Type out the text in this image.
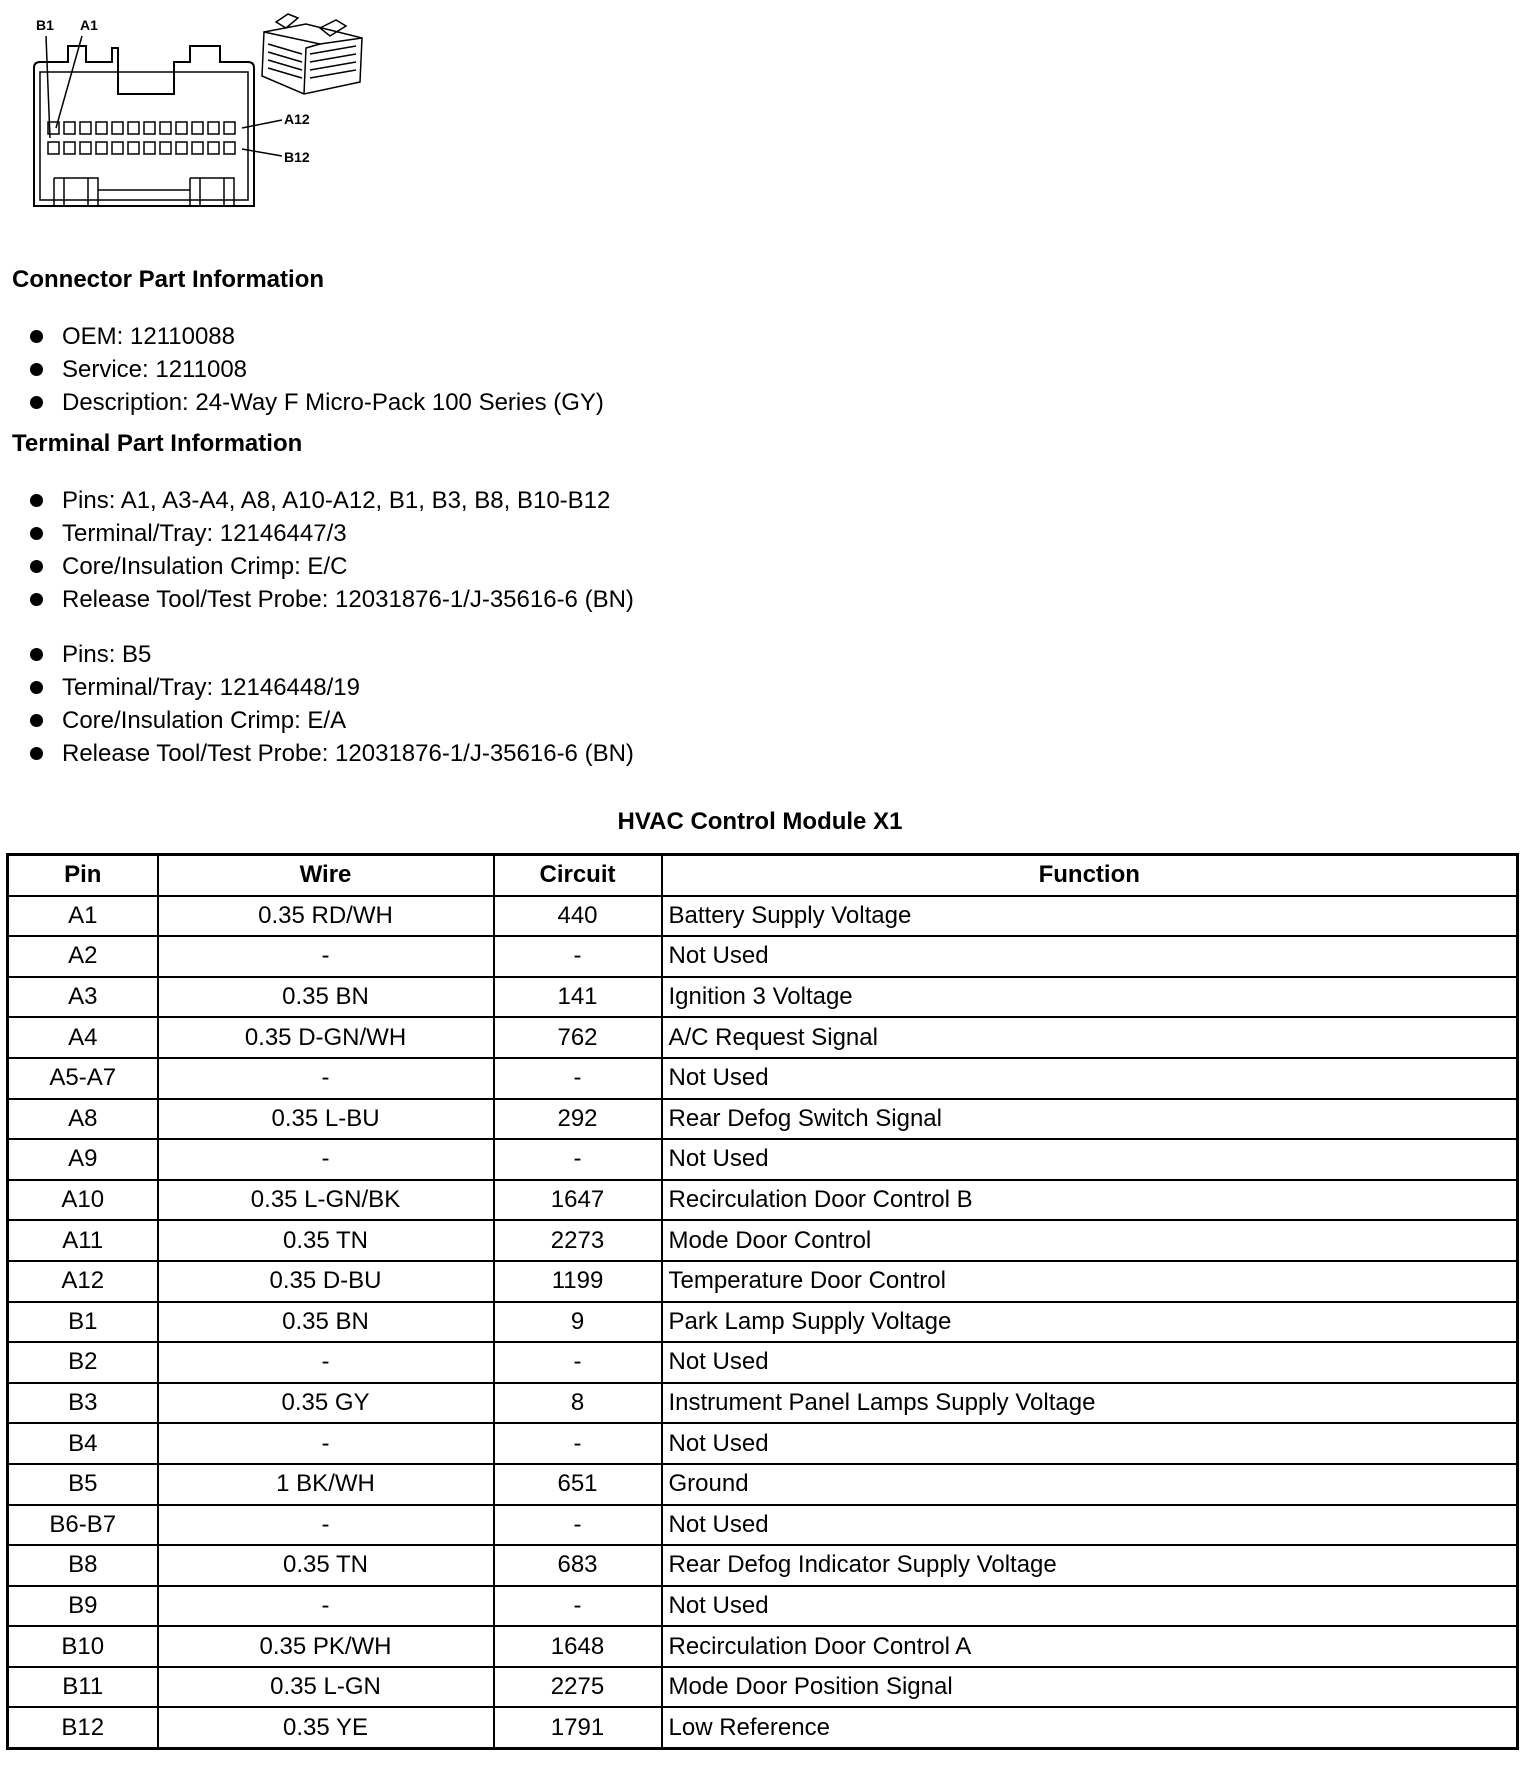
B1 A1
A12
B12
Connector Part Information
OEM: 12110088
Service: 1211008
Description: 24-Way F Micro-Pack 100 Series (GY)
Terminal Part Information
Pins: A1, A3-A4, A8, A10-A12, B1, B3, B8, B10-B12
Terminal/Tray: 12146447/3
Core/Insulation Crimp: E/C
Release Tool/Test Probe: 12031876-1/J-35616-6 (BN)
Pins: B5
Terminal/Tray: 12146448/19
Core/Insulation Crimp: E/A
Release Tool/Test Probe: 12031876-1/J-35616-6 (BN)
HVAC Control Module X1
Pin	Wire	Circuit	Function
A1	0.35 RD/WH	440	Battery Supply Voltage
A2	-	-	Not Used
A3	0.35 BN	141	Ignition 3 Voltage
A4	0.35 D-GN/WH	762	A/C Request Signal
A5-A7	-	-	Not Used
A8	0.35 L-BU	292	Rear Defog Switch Signal
A9	-	-	Not Used
A10	0.35 L-GN/BK	1647	Recirculation Door Control B
A11	0.35 TN	2273	Mode Door Control
A12	0.35 D-BU	1199	Temperature Door Control
B1	0.35 BN	9	Park Lamp Supply Voltage
B2	-	-	Not Used
B3	0.35 GY	8	Instrument Panel Lamps Supply Voltage
B4	-	-	Not Used
B5	1 BK/WH	651	Ground
B6-B7	-	-	Not Used
B8	0.35 TN	683	Rear Defog Indicator Supply Voltage
B9	-	-	Not Used
B10	0.35 PK/WH	1648	Recirculation Door Control A
B11	0.35 L-GN	2275	Mode Door Position Signal
B12	0.35 YE	1791	Low Reference
